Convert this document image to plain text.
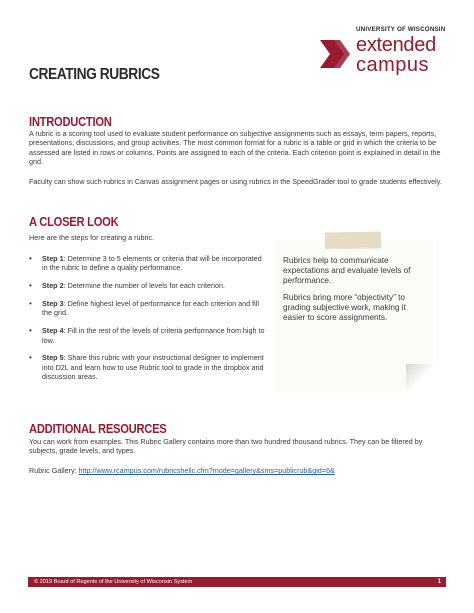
UNIVERSITY OF WISCONSIN
extended
campus
CREATING RUBRICS
INTRODUCTION

A rubric is a scoring tool used to evaluate student performance on subjective assignments such as essays, term papers, reports, presentations, discussions, and group activities. The most common format for a rubric is a table or grid in which the criteria to be assessed are listed in rows or columns. Points are assigned to each of the criteria. Each criterion point is explained in detail in the grid.

Faculty can show such rubrics in Canvas assignment pages or using rubrics in the SpeedGrader tool to grade students effectively.

A CLOSER LOOK

Here are the steps for creating a rubric.

• Step 1: Determine 3 to 5 elements or criteria that will be incorporated in the rubric to define a quality performance.
• Step 2: Determine the number of levels for each criterion.
• Step 3: Define highest level of performance for each criterion and fill the grid.
• Step 4: Fill in the rest of the levels of criteria performance from high to low.
• Step 5: Share this rubric with your instructional designer to implement into D2L and learn how to use Rubric tool to grade in the dropbox and discussion areas.

Rubrics help to communicate expectations and evaluate levels of performance.

Rubrics bring more “objectivity” to grading subjective work, making it easier to score assignments.

ADDITIONAL RESOURCES

You can work from examples. This Rubric Gallery contains more than two hundred thousand rubrics. They can be filtered by subjects, grade levels, and types.

Rubric Gallery: http://www.rcampus.com/rubricshellc.cfm?mode=gallery&sms=publicrub&gid=6&

© 2019 Board of Regents of the University of Wisconsin System	1
